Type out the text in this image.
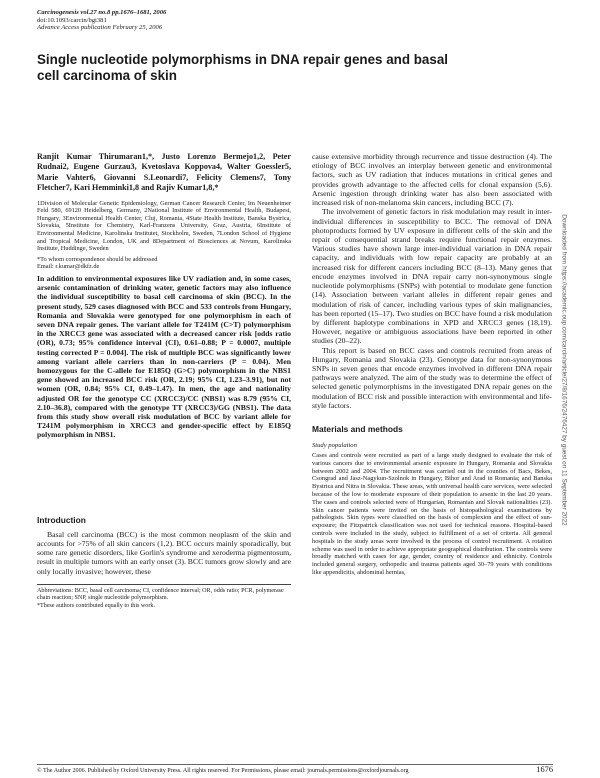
Carcinogenesis vol.27 no.8 pp.1676–1681, 2006
doi:10.1093/carcin/bgi381
Advance Access publication February 25, 2006
Single nucleotide polymorphisms in DNA repair genes and basal cell carcinoma of skin
Downloaded from https://academic.oup.com/carcin/article/27/8/1676/2476427 by guest on 11 September 2022

Ranjit Kumar Thirumaran1,*, Justo Lorenzo Bermejo1,2, Peter Rudnai2, Eugene Gurzau3, Kvetoslava Koppova4, Walter Goessler5, Marie Vahter6, Giovanni S.Leonardi7, Felicity Clemens7, Tony Fletcher7, Kari Hemminki1,8 and Rajiv Kumar1,8,*

1Division of Molecular Genetic Epidemiology, German Cancer Research Center, Im Neuenheimer Feld 580, 69120 Heidelberg, Germany, 2National Institute of Environmental Health, Budapest, Hungary, 3Environmental Health Center, Cluj, Romania, 4State Health Institute, Banska Bystrica, Slovakia, 5Institute for Chemistry, Karl-Franzens University, Graz, Austria, 6Institute of Environmental Medicine, Karolinska Institutet, Stockholm, Sweden, 7London School of Hygiene and Tropical Medicine, London, UK and 8Department of Biosciences at Novum, Karolinska Institute, Huddinge, Sweden

*To whom correspondence should be addressed
Email: r.kumar@dkfz.de

In addition to environmental exposures like UV radiation and, in some cases, arsenic contamination of drinking water, genetic factors may also influence the individual susceptibility to basal cell carcinoma of skin (BCC). In the present study, 529 cases diagnosed with BCC and 533 controls from Hungary, Romania and Slovakia were genotyped for one polymorphism in each of seven DNA repair genes. The variant allele for T241M (C>T) polymorphism in the XRCC3 gene was associated with a decreased cancer risk [odds ratio (OR), 0.73; 95% confidence interval (CI), 0.61–0.88; P = 0.0007, multiple testing corrected P = 0.004]. The risk of multiple BCC was significantly lower among variant allele carriers than in non-carriers (P = 0.04). Men homozygous for the C-allele for E185Q (G>C) polymorphism in the NBS1 gene showed an increased BCC risk (OR, 2.19; 95% CI, 1.23–3.91), but not women (OR, 0.84; 95% CI, 0.49–1.47). In men, the age and nationality adjusted OR for the genotype CC (XRCC3)/CC (NBS1) was 8.79 (95% CI, 2.10–36.8), compared with the genotype TT (XRCC3)/GG (NBS1). The data from this study show overall risk modulation of BCC by variant allele for T241M polymorphism in XRCC3 and gender-specific effect by E185Q polymorphism in NBS1.

Introduction

Basal cell carcinoma (BCC) is the most common neoplasm of the skin and accounts for >75% of all skin cancers (1,2). BCC occurs mainly sporadically, but some rare genetic disorders, like Gorlin's syndrome and xeroderma pigmentosum, result in multiple tumors with an early onset (3). BCC tumors grow slowly and are only locally invasive; however, these

Abbreviations: BCC, basal cell carcinoma; CI, confidence interval; OR, odds ratio; PCR, polymerase chain reaction; SNP, single nucleotide polymorphism.

*These authors contributed equally to this work.

cause extensive morbidity through recurrence and tissue destruction (4). The etiology of BCC involves an interplay between genetic and environmental factors, such as UV radiation that induces mutations in critical genes and provides growth advantage to the affected cells for clonal expansion (5,6). Arsenic ingestion through drinking water has also been associated with increased risk of non-melanoma skin cancers, including BCC (7).

The involvement of genetic factors in risk modulation may result in inter-individual differences in susceptibility to BCC. The removal of DNA photoproducts formed by UV exposure in different cells of the skin and the repair of consequential strand breaks require functional repair enzymes. Various studies have shown large inter-individual variation in DNA repair capacity, and individuals with low repair capacity are probably at an increased risk for different cancers including BCC (8–13). Many genes that encode enzymes involved in DNA repair carry non-synonymous single nucleotide polymorphisms (SNPs) with potential to modulate gene function (14). Association between variant alleles in different repair genes and modulation of risk of cancer, including various types of skin malignancies, has been reported (15–17). Two studies on BCC have found a risk modulation by different haplotype combinations in XPD and XRCC3 genes (18,19). However, negative or ambiguous associations have been reported in other studies (20–22).

This report is based on BCC cases and controls recruited from areas of Hungary, Romania and Slovakia (23). Genotype data for non-synonymous SNPs in seven genes that encode enzymes involved in different DNA repair pathways were analyzed. The aim of the study was to determine the effect of selected genetic polymorphisms in the investigated DNA repair genes on the modulation of BCC risk and possible interaction with environmental and life-style factors.

Materials and methods

Study population

Cases and controls were recruited as part of a large study designed to evaluate the risk of various cancers due to environmental arsenic exposure in Hungary, Romania and Slovakia between 2002 and 2004. The recruitment was carried out in the counties of Bacs, Bekes, Csongrad and Jasz-Nagykun-Szolnok in Hungary; Bihor and Arad in Romania; and Banska Bystrica and Nitra in Slovakia. These areas, with universal health care services, were selected because of the low to moderate exposure of their population to arsenic in the last 20 years. The cases and controls selected were of Hungarian, Romanian and Slovak nationalities (23). Skin cancer patients were invited on the basis of histopathological examinations by pathologists. Skin types were classified on the basis of complexion and the effect of sun-exposure; the Fitzpatrick classification was not used for technical reasons. Hospital-based controls were included in the study, subject to fulfillment of a set of criteria. All general hospitals in the study areas were involved in the process of control recruitment. A rotation scheme was used in order to achieve appropriate geographical distribution. The controls were broadly matched with cases for age, gender, country of residence and ethnicity. Controls included general surgery, orthopedic and trauma patients aged 30–79 years with conditions like appendicitis, abdominal hernias,

© The Author 2006. Published by Oxford University Press. All rights reserved. For Permissions, please email: journals.permissions@oxfordjournals.org	1676
